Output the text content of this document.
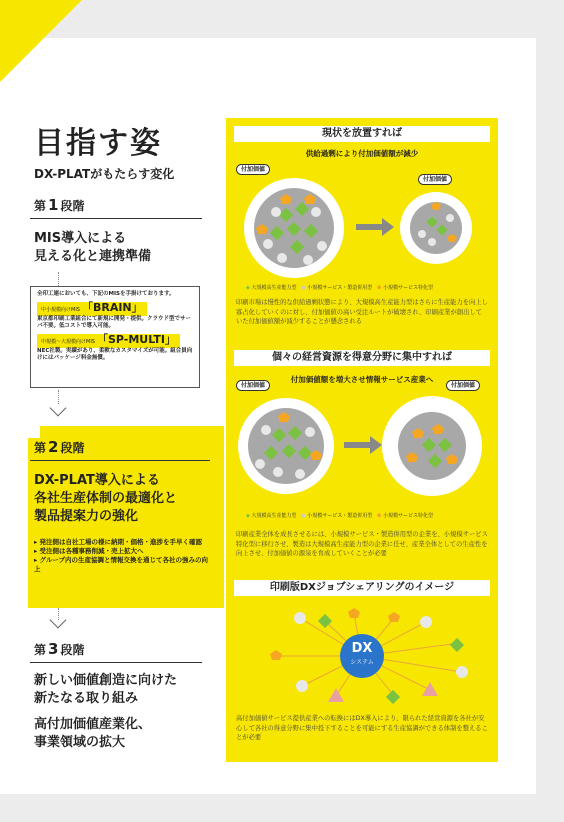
目指す姿
DX-PLATがもたらす変化
第 1 段階
MIS導入による
見える化と連携準備
全印工連においても、下記のMISを手掛けております。
中小規模向けMIS 「BRAIN」
東京都印刷工業組合にて新規に開発・提供。クラウド型でサーバ不要。低コストで導入可能。
中規模〜大規模向けMIS 「SP-MULTI」
NEC社製。実績があり、柔軟なカスタマイズが可能。組合員向けにはパッケージ料金無償。
第 2 段階
DX-PLAT導入による
各社生産体制の最適化と
製品提案力の強化
▸ 発注側は自社工場の様に納期・価格・進捗を手早く確認
▸ 受注側は各種事務削減・売上拡大へ
▸ グループ内の生産協調と情報交換を通じて各社の強みの向上
第 3 段階
新しい価値創造に向けた
新たなる取り組み
高付加価値産業化、
事業領域の拡大
現状を放置すれば
供給過剰により付加価値額が減少
付加価値
付加価値
◆ 大規模高生産能力型 ● 小規模サービス・製造併用型 ⬟ 小規模サービス特化型
印刷市場は慢性的な供給過剰状態により、大規模高生産能力型はさらに生産能力を向上し寡占化していくのに対し、付加価値の高い受注ルートが破壊され、印刷産業が創出していた付加価値額が減少することが懸念される
個々の経営資源を得意分野に集中すれば
付加価値額を増大させ情報サービス産業へ
付加価値	付加価値
◆ 大規模高生産能力型 ● 小規模サービス・製造併用型 ⬟ 小規模サービス特化型
印刷産業全体を成長させるには、小規模サービス・製造併用型の企業を、小規模サービス特化型に移行させ、製造は大規模高生産能力型の企業に任せ、産業全体としての生産性を向上させ、付加価値の源泉を育成していくことが必要
印刷版DXジョブシェアリングのイメージ
DX
システム
高付加価値サービス提供産業への転換にはDX導入により、限られた経営資源を各社が安心して各社の得意分野に集中投下することを可能にする生産協調ができる体制を整えることが必要
